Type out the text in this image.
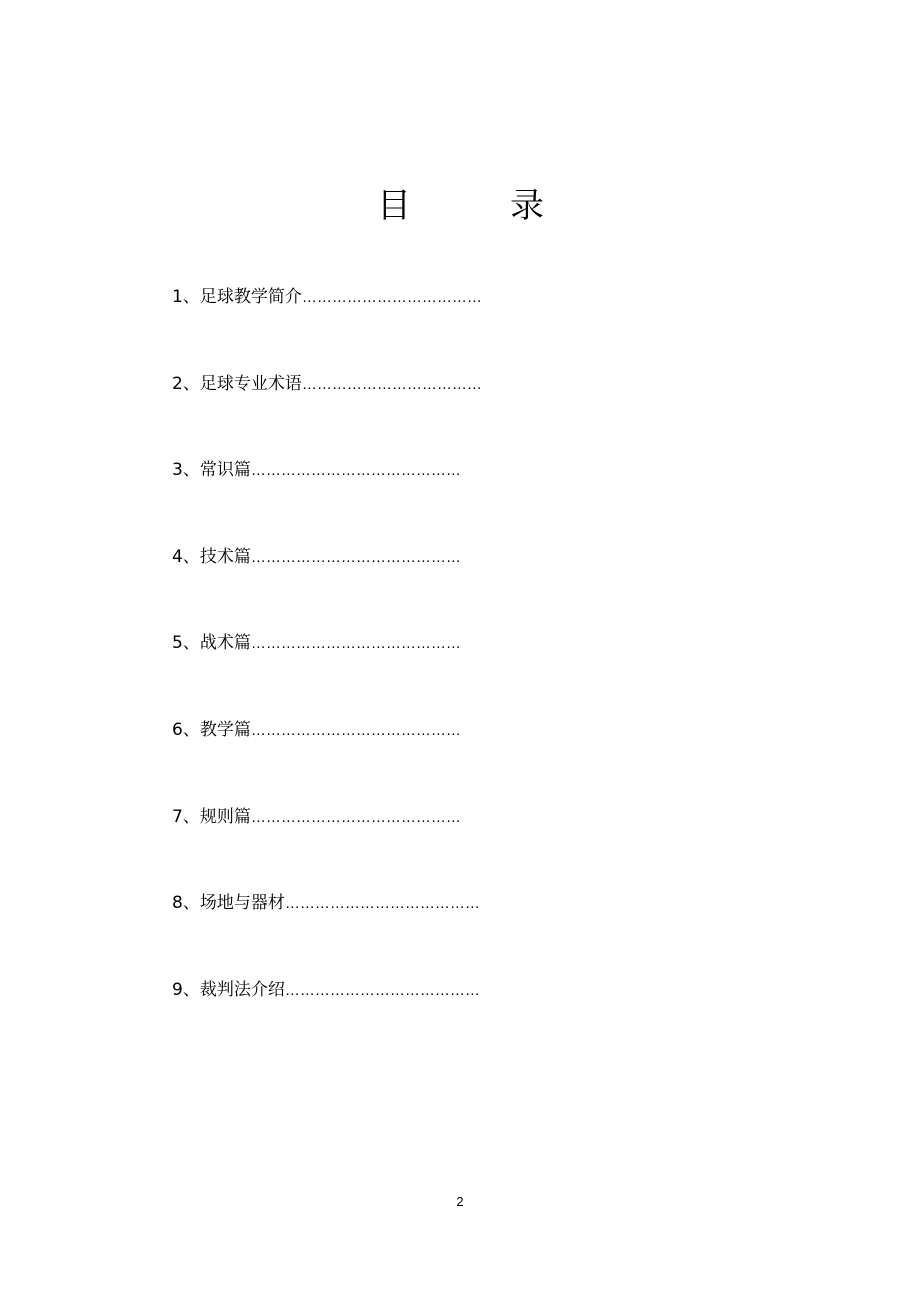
目	录
1、足球教学简介………………………………
2、足球专业术语………………………………
3、常识篇……………………………………
4、技术篇……………………………………
5、战术篇……………………………………
6、教学篇……………………………………
7、规则篇……………………………………
8、场地与器材…………………………………
9、裁判法介绍…………………………………
2
